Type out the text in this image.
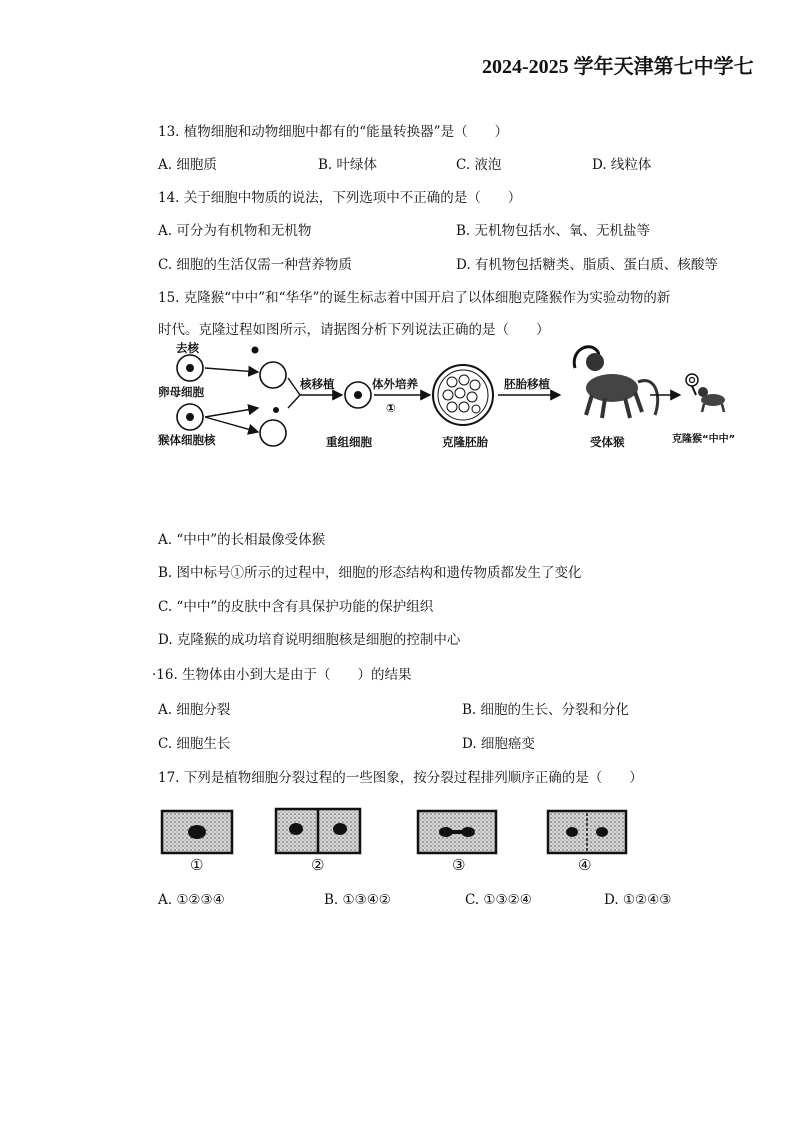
2024-2025 学年天津第七中学七
13. 植物细胞和动物细胞中都有的“能量转换器”是（　　）
A. 细胞质	B. 叶绿体	C. 液泡	D. 线粒体
14. 关于细胞中物质的说法，下列选项中不正确的是（　　）
A. 可分为有机物和无机物	B. 无机物包括水、氧、无机盐等
C. 细胞的生活仅需一种营养物质	D. 有机物包括糖类、脂质、蛋白质、核酸等
15. 克隆猴“中中”和“华华”的诞生标志着中国开启了以体细胞克隆猴作为实验动物的新
时代。克隆过程如图所示，请据图分析下列说法正确的是（　　）
去核
卵母细胞
猴体细胞核
核移植
重组细胞
体外培养
①
克隆胚胎
胚胎移植
受体猴	克隆猴“中中”
A. “中中”的长相最像受体猴
B. 图中标号①所示的过程中，细胞的形态结构和遗传物质都发生了变化
C. “中中”的皮肤中含有具保护功能的保护组织
D. 克隆猴的成功培育说明细胞核是细胞的控制中心
·16. 生物体由小到大是由于（　　）的结果
A. 细胞分裂	B. 细胞的生长、分裂和分化
C. 细胞生长	D. 细胞癌变
17. 下列是植物细胞分裂过程的一些图象，按分裂过程排列顺序正确的是（　　）
①	②	③	④
A. ①②③④	B. ①③④②	C. ①③②④	D. ①②④③
